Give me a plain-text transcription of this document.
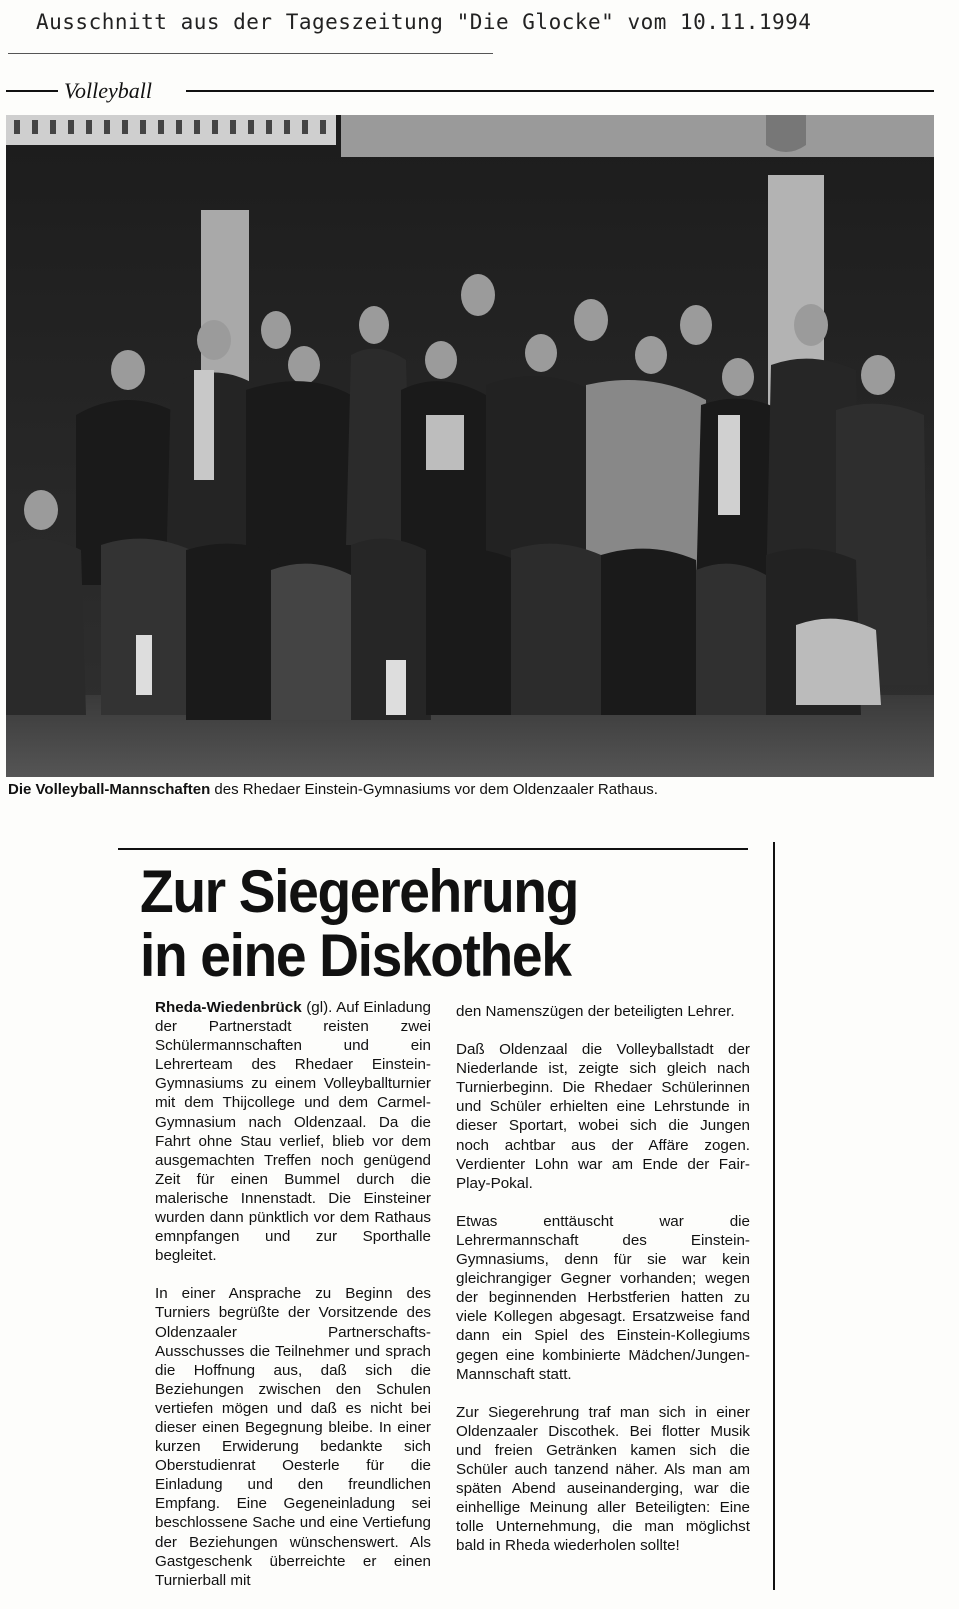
Ausschnitt aus der Tageszeitung "Die Glocke" vom 10.11.1994
Volleyball
Die Volleyball-Mannschaften des Rhedaer Einstein-Gymnasiums vor dem Oldenzaaler Rathaus.
Zur Siegerehrung
in eine Diskothek

Rheda-Wiedenbrück (gl). Auf Einladung der Partnerstadt reisten zwei Schülermannschaften und ein Lehrerteam des Rhedaer Einstein-Gymnasiums zu einem Volleyballturnier mit dem Thijcollege und dem Carmel-Gymnasium nach Oldenzaal. Da die Fahrt ohne Stau verlief, blieb vor dem ausgemachten Treffen noch genügend Zeit für einen Bummel durch die malerische Innenstadt. Die Einsteiner wurden dann pünktlich vor dem Rathaus emnpfangen und zur Sporthalle begleitet.

In einer Ansprache zu Beginn des Turniers begrüßte der Vorsitzende des Oldenzaaler Partnerschafts-Ausschusses die Teilnehmer und sprach die Hoffnung aus, daß sich die Beziehungen zwischen den Schulen vertiefen mögen und daß es nicht bei dieser einen Begegnung bleibe. In einer kurzen Erwiderung bedankte sich Oberstudienrat Oesterle für die Einladung und den freundlichen Empfang. Eine Gegeneinladung sei beschlossene Sache und eine Vertiefung der Beziehungen wünschenswert. Als Gastgeschenk überreichte er einen Turnierball mit

den Namenszügen der beteiligten Lehrer.

Daß Oldenzaal die Volleyballstadt der Niederlande ist, zeigte sich gleich nach Turnierbeginn. Die Rhedaer Schülerinnen und Schüler erhielten eine Lehrstunde in dieser Sportart, wobei sich die Jungen noch achtbar aus der Affäre zogen. Verdienter Lohn war am Ende der Fair-Play-Pokal.

Etwas enttäuscht war die Lehrermannschaft des Einstein-Gymnasiums, denn für sie war kein gleichrangiger Gegner vorhanden; wegen der beginnenden Herbstferien hatten zu viele Kollegen abgesagt. Ersatzweise fand dann ein Spiel des Einstein-Kollegiums gegen eine kombinierte Mädchen/Jungen-Mannschaft statt.

Zur Siegerehrung traf man sich in einer Oldenzaaler Discothek. Bei flotter Musik und freien Getränken kamen sich die Schüler auch tanzend näher. Als man am späten Abend auseinanderging, war die einhellige Meinung aller Beteiligten: Eine tolle Unternehmung, die man möglichst bald in Rheda wiederholen sollte!
